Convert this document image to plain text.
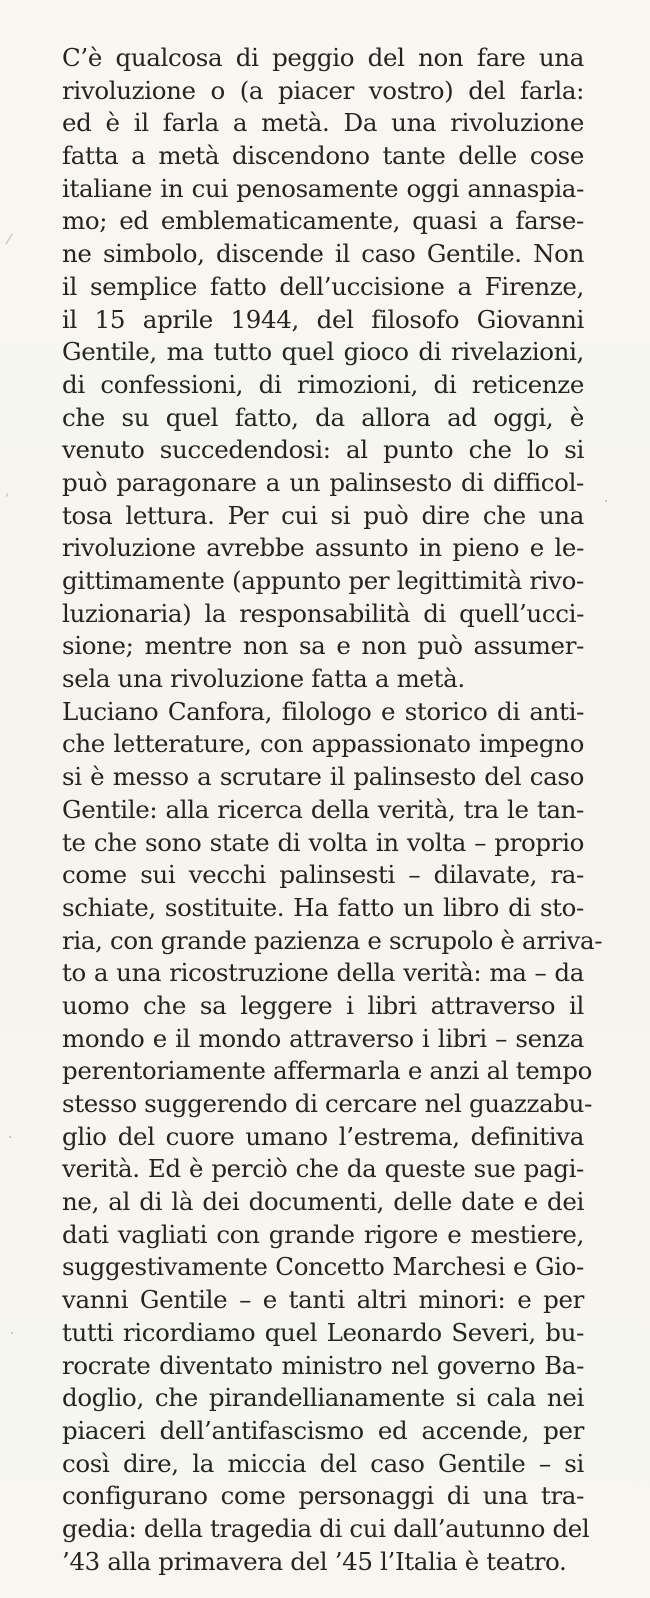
C’è qualcosa di peggio del non fare una
rivoluzione o (a piacer vostro) del farla:
ed è il farla a metà. Da una rivoluzione
fatta a metà discendono tante delle cose
italiane in cui penosamente oggi annaspia-
mo; ed emblematicamente, quasi a farse-
ne simbolo, discende il caso Gentile. Non
il semplice fatto dell’uccisione a Firenze,
il 15 aprile 1944, del filosofo Giovanni
Gentile, ma tutto quel gioco di rivelazioni,
di confessioni, di rimozioni, di reticenze
che su quel fatto, da allora ad oggi, è
venuto succedendosi: al punto che lo si
può paragonare a un palinsesto di difficol-
tosa lettura. Per cui si può dire che una
rivoluzione avrebbe assunto in pieno e le-
gittimamente (appunto per legittimità rivo-
luzionaria) la responsabilità di quell’ucci-
sione; mentre non sa e non può assumer-
sela una rivoluzione fatta a metà.
Luciano Canfora, filologo e storico di anti-
che letterature, con appassionato impegno
si è messo a scrutare il palinsesto del caso
Gentile: alla ricerca della verità, tra le tan-
te che sono state di volta in volta – proprio
come sui vecchi palinsesti – dilavate, ra-
schiate, sostituite. Ha fatto un libro di sto-
ria, con grande pazienza e scrupolo è arriva-
to a una ricostruzione della verità: ma – da
uomo che sa leggere i libri attraverso il
mondo e il mondo attraverso i libri – senza
perentoriamente affermarla e anzi al tempo
stesso suggerendo di cercare nel guazzabu-
glio del cuore umano l’estrema, definitiva
verità. Ed è perciò che da queste sue pagi-
ne, al di là dei documenti, delle date e dei
dati vagliati con grande rigore e mestiere,
suggestivamente Concetto Marchesi e Gio-
vanni Gentile – e tanti altri minori: e per
tutti ricordiamo quel Leonardo Severi, bu-
rocrate diventato ministro nel governo Ba-
doglio, che pirandellianamente si cala nei
piaceri dell’antifascismo ed accende, per
così dire, la miccia del caso Gentile – si
configurano come personaggi di una tra-
gedia: della tragedia di cui dall’autunno del
’43 alla primavera del ’45 l’Italia è teatro.
⁄
ʼ	·
·
·
